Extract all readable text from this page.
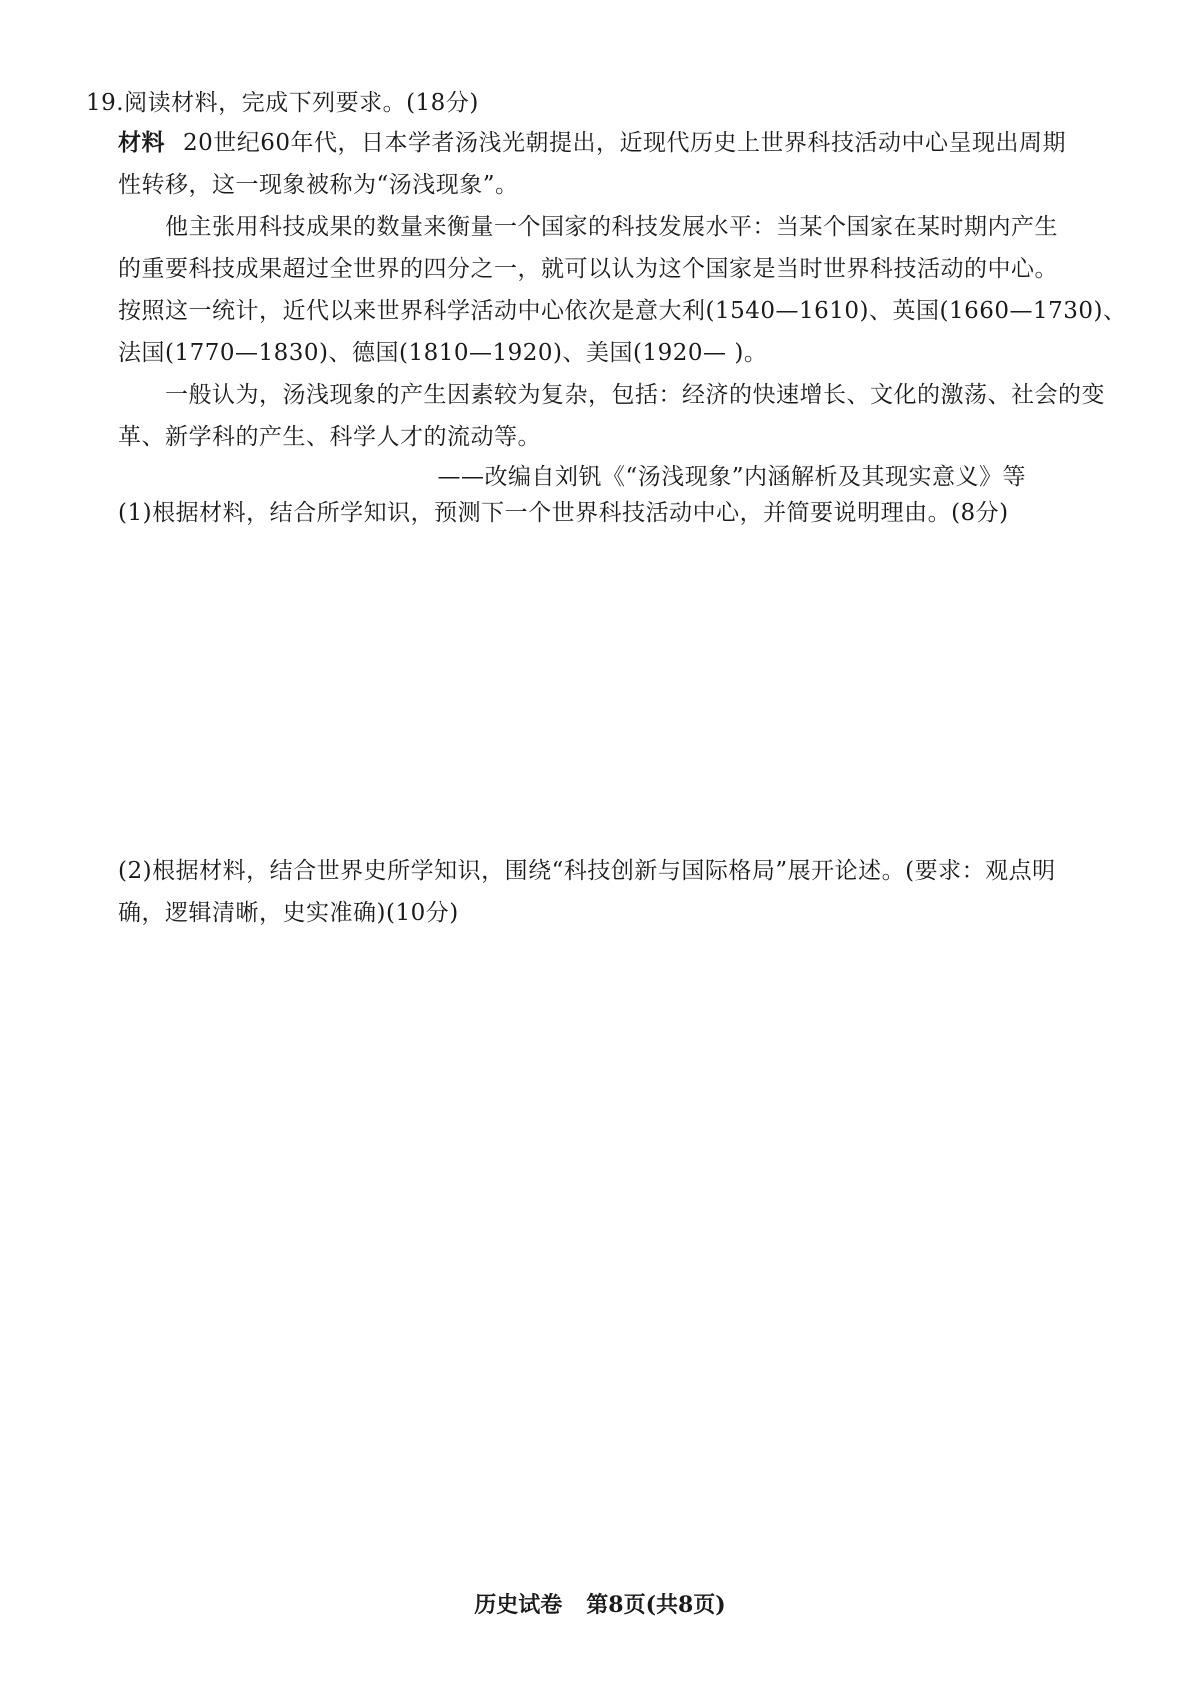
19.阅读材料，完成下列要求。(18分)
材料 20世纪60年代，日本学者汤浅光朝提出，近现代历史上世界科技活动中心呈现出周期
性转移，这一现象被称为“汤浅现象”。
他主张用科技成果的数量来衡量一个国家的科技发展水平：当某个国家在某时期内产生
的重要科技成果超过全世界的四分之一，就可以认为这个国家是当时世界科技活动的中心。
按照这一统计，近代以来世界科学活动中心依次是意大利(1540—1610)、英国(1660—1730)、
法国(1770—1830)、德国(1810—1920)、美国(1920— )。
一般认为，汤浅现象的产生因素较为复杂，包括：经济的快速增长、文化的激荡、社会的变
革、新学科的产生、科学人才的流动等。
——改编自刘钒《“汤浅现象”内涵解析及其现实意义》等
(1)根据材料，结合所学知识，预测下一个世界科技活动中心，并简要说明理由。(8分)
(2)根据材料，结合世界史所学知识，围绕“科技创新与国际格局”展开论述。(要求：观点明
确，逻辑清晰，史实准确)(10分)
历史试卷 第8页(共8页)
